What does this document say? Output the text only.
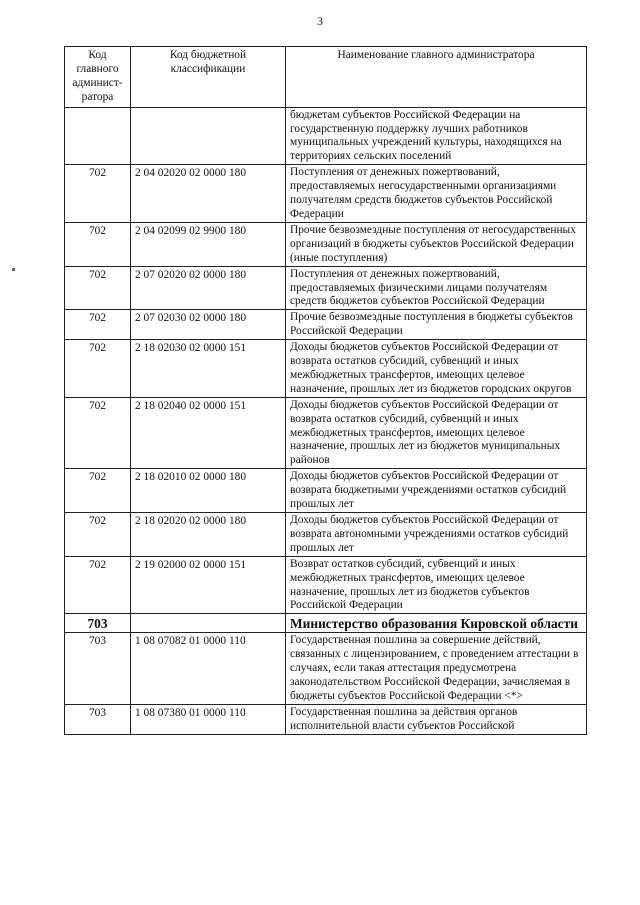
3
Код главного админист-ратора	Код бюджетной классификации	Наименование главного администратора
		бюджетам субъектов Российской Федерации на государственную поддержку лучших работников муниципальных учреждений культуры, находящихся на территориях сельских поселений
702	2 04 02020 02 0000 180	Поступления от денежных пожертвований, предоставляемых негосударственными организациями получателям средств бюджетов субъектов Российской Федерации
702	2 04 02099 02 9900 180	Прочие безвозмездные поступления от негосударственных организаций в бюджеты субъектов Российской Федерации (иные поступления)
702	2 07 02020 02 0000 180	Поступления от денежных пожертвований, предоставляемых физическими лицами получателям средств бюджетов субъектов Российской Федерации
702	2 07 02030 02 0000 180	Прочие безвозмездные поступления в бюджеты субъектов Российской Федерации
702	2 18 02030 02 0000 151	Доходы бюджетов субъектов Российской Федерации от возврата остатков субсидий, субвенций и иных межбюджетных трансфертов, имеющих целевое назначение, прошлых лет из бюджетов городских округов
702	2 18 02040 02 0000 151	Доходы бюджетов субъектов Российской Федерации от возврата остатков субсидий, субвенций и иных межбюджетных трансфертов, имеющих целевое назначение, прошлых лет из бюджетов муниципальных районов
702	2 18 02010 02 0000 180	Доходы бюджетов субъектов Российской Федерации от возврата бюджетными учреждениями остатков субсидий прошлых лет
702	2 18 02020 02 0000 180	Доходы бюджетов субъектов Российской Федерации от возврата автономными учреждениями остатков субсидий прошлых лет
702	2 19 02000 02 0000 151	Возврат остатков субсидий, субвенций и иных межбюджетных трансфертов, имеющих целевое назначение, прошлых лет из бюджетов субъектов Российской Федерации
703		Министерство образования Кировской области
703	1 08 07082 01 0000 110	Государственная пошлина за совершение действий, связанных с лицензированием, с проведением аттестации в случаях, если такая аттестация предусмотрена законодательством Российской Федерации, зачисляемая в бюджеты субъектов Российской Федерации <*>
703	1 08 07380 01 0000 110	Государственная пошлина за действия органов исполнительной власти субъектов Российской
